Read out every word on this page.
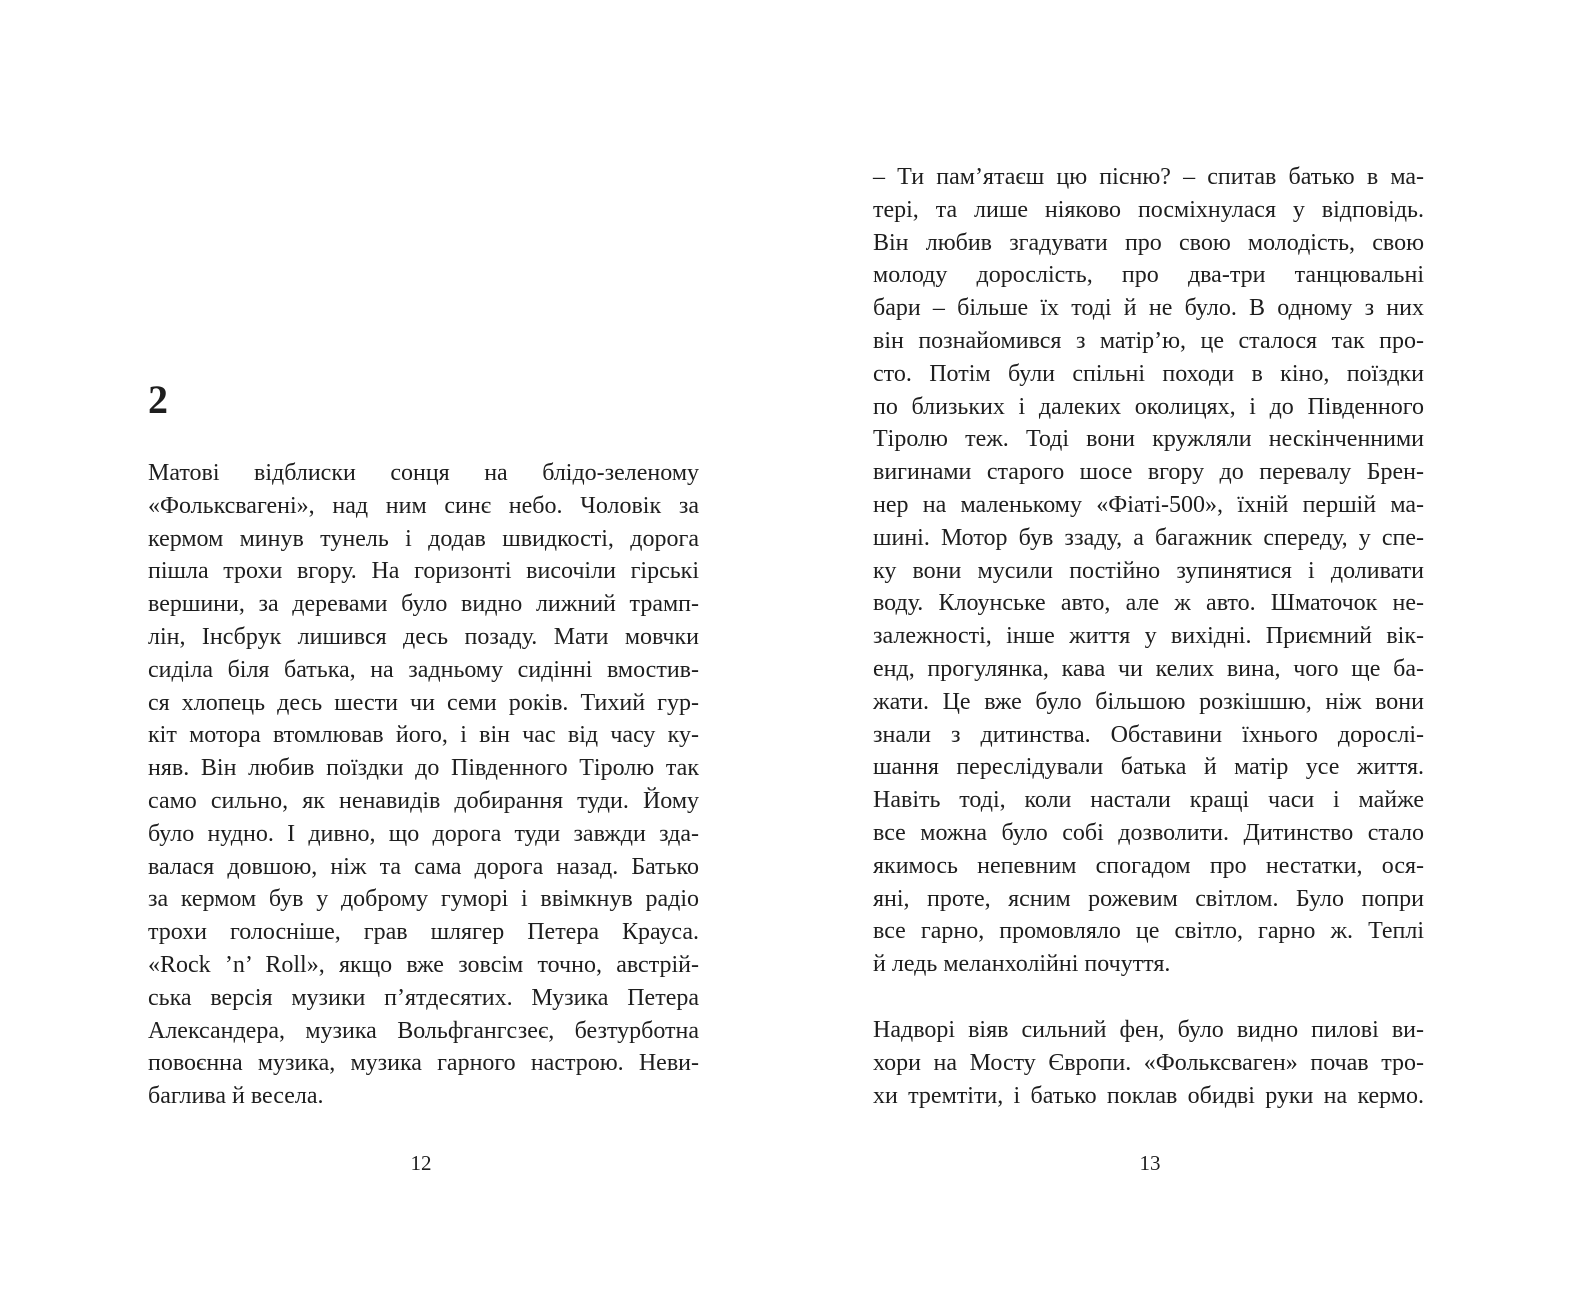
2
Матові відблиски сонця на блідо-зеленому
«Фольксвагені», над ним синє небо. Чоловік за
кермом минув тунель і додав швидкості, дорога
пішла трохи вгору. На горизонті височіли гірські
вершини, за деревами було видно лижний трамп-
лін, Інсбрук лишився десь позаду. Мати мовчки
сиділа біля батька, на задньому сидінні вмостив-
ся хлопець десь шести чи семи років. Тихий гур-
кіт мотора втомлював його, і він час від часу ку-
няв. Він любив поїздки до Південного Тіролю так
само сильно, як ненавидів добирання туди. Йому
було нудно. І дивно, що дорога туди завжди зда-
валася довшою, ніж та сама дорога назад. Батько
за кермом був у доброму гуморі і ввімкнув радіо
трохи голосніше, грав шлягер Петера Крауса.
«Rock ’n’ Roll», якщо вже зовсім точно, австрій-
ська версія музики п’ятдесятих. Музика Петера
Александера, музика Вольфгангсзеє, безтурботна
повоєнна музика, музика гарного настрою. Неви-
баглива й весела.
12
– Ти пам’ятаєш цю пісню? – спитав батько в ма-
тері, та лише ніяково посміхнулася у відповідь.
Він любив згадувати про свою молодість, свою
молоду дорослість, про два-три танцювальні
бари – більше їх тоді й не було. В одному з них
він познайомився з матір’ю, це сталося так про-
сто. Потім були спільні походи в кіно, поїздки
по близьких і далеких околицях, і до Південного
Тіролю теж. Тоді вони кружляли нескінченними
вигинами старого шосе вгору до перевалу Брен-
нер на маленькому «Фіаті-500», їхній першій ма-
шині. Мотор був ззаду, а багажник спереду, у спе-
ку вони мусили постійно зупинятися і доливати
воду. Клоунське авто, але ж авто. Шматочок не-
залежності, інше життя у вихідні. Приємний вік-
енд, прогулянка, кава чи келих вина, чого ще ба-
жати. Це вже було більшою розкішшю, ніж вони
знали з дитинства. Обставини їхнього дорослі-
шання переслідували батька й матір усе життя.
Навіть тоді, коли настали кращі часи і майже
все можна було собі дозволити. Дитинство стало
якимось непевним спогадом про нестатки, ося-
яні, проте, ясним рожевим світлом. Було попри
все гарно, промовляло це світло, гарно ж. Теплі
й ледь меланхолійні почуття.
Надворі віяв сильний фен, було видно пилові ви-
хори на Мосту Європи. «Фольксваген» почав тро-
хи тремтіти, і батько поклав обидві руки на кермо.
13
